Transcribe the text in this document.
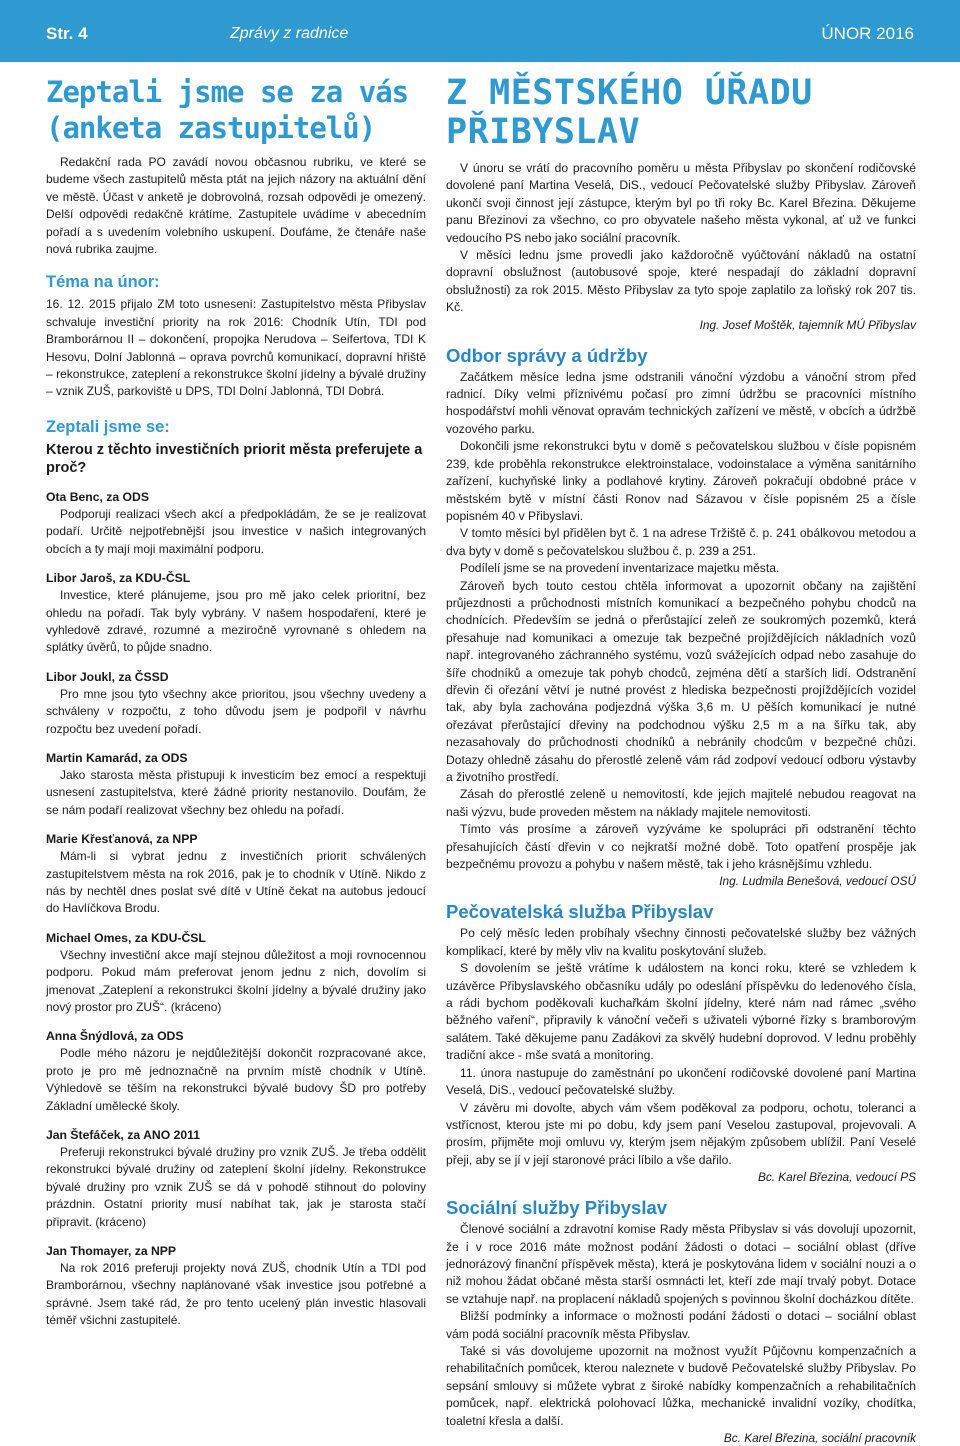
Str. 4	Zprávy z radnice	ÚNOR 2016
Zeptali jsme se za vás
(anketa zastupitelů)

Redakční rada PO zavádí novou občasnou rubriku, ve které se budeme všech zastupitelů města ptát na jejich názory na aktuální dění ve městě. Účast v anketě je dobrovolná, rozsah odpovědi je omezený. Delší odpovědi redakčně krátíme. Zastupitele uvádíme v abecedním pořadí a s uvedením volebního uskupení. Doufáme, že čtenáře naše nová rubrika zaujme.

Téma na únor:

16. 12. 2015 přijalo ZM toto usnesení: Zastupitelstvo města Přibyslav schvaluje investiční priority na rok 2016: Chodník Utín, TDI pod Bramborárnou II – dokončení, propojka Nerudova – Seifertova, TDI K Hesovu, Dolní Jablonná – oprava povrchů komunikací, dopravní hřiště – rekonstrukce, zateplení a rekonstrukce školní jídelny a bývalé družiny – vznik ZUŠ, parkoviště u DPS, TDI Dolní Jablonná, TDI Dobrá.

Zeptali jsme se:
Kterou z těchto investičních priorit města preferujete a proč?
Ota Benc, za ODS

Podporuji realizaci všech akcí a předpokládám, že se je realizovat podaří. Určitě nejpotřebnější jsou investice v našich integrovaných obcích a ty mají moji maximální podporu.

Libor Jaroš, za KDU-ČSL

Investice, které plánujeme, jsou pro mě jako celek prioritní, bez ohledu na pořadí. Tak byly vybrány. V našem hospodaření, které je vyhledově zdravé, rozumné a meziročně vyrovnané s ohledem na splátky úvěrů, to půjde snadno.

Libor Joukl, za ČSSD

Pro mne jsou tyto všechny akce prioritou, jsou všechny uvedeny a schváleny v rozpočtu, z toho důvodu jsem je podpořil v návrhu rozpočtu bez uvedení pořadí.

Martin Kamarád, za ODS

Jako starosta města přistupuji k investicím bez emocí a respektuji usnesení zastupitelstva, které žádné priority nestanovilo. Doufám, že se nám podaří realizovat všechny bez ohledu na pořadí.

Marie Křesťanová, za NPP

Mám-li si vybrat jednu z investičních priorit schválených zastupitelstvem města na rok 2016, pak je to chodník v Utíně. Nikdo z nás by nechtěl dnes poslat své dítě v Utíně čekat na autobus jedoucí do Havlíčkova Brodu.

Michael Omes, za KDU-ČSL

Všechny investiční akce mají stejnou důležitost a moji rovnocennou podporu. Pokud mám preferovat jenom jednu z nich, dovolím si jmenovat „Zateplení a rekonstrukci školní jídelny a bývalé družiny jako nový prostor pro ZUŠ“. (kráceno)

Anna Šnýdlová, za ODS

Podle mého názoru je nejdůležitější dokončit rozpracované akce, proto je pro mě jednoznačně na prvním místě chodník v Utíně. Výhledově se těším na rekonstrukci bývalé budovy ŠD pro potřeby Základní umělecké školy.

Jan Štefáček, za ANO 2011

Preferuji rekonstrukci bývalé družiny pro vznik ZUŠ. Je třeba oddělit rekonstrukci bývalé družiny od zateplení školní jídelny. Rekonstrukce bývalé družiny pro vznik ZUŠ se dá v pohodě stihnout do poloviny prázdnin. Ostatní priority musí nabíhat tak, jak je starosta stačí připravit. (kráceno)

Jan Thomayer, za NPP

Na rok 2016 preferuji projekty nová ZUŠ, chodník Utín a TDI pod Bramborárnou, všechny naplánované však investice jsou potřebné a správné. Jsem také rád, že pro tento ucelený plán investic hlasovali téměř všichni zastupitelé.

Z MĚSTSKÉHO ÚŘADU
PŘIBYSLAV

V únoru se vrátí do pracovního poměru u města Přibyslav po skončení rodičovské dovolené paní Martina Veselá, DiS., vedoucí Pečovatelské služby Přibyslav. Zároveň ukončí svoji činnost její zástupce, kterým byl po tři roky Bc. Karel Březina. Děkujeme panu Březinovi za všechno, co pro obyvatele našeho města vykonal, ať už ve funkci vedoucího PS nebo jako sociální pracovník.

V měsíci lednu jsme provedli jako každoročně vyúčtování nákladů na ostatní dopravní obslužnost (autobusové spoje, které nespadají do základní dopravní obslužnosti) za rok 2015. Město Přibyslav za tyto spoje zaplatilo za loňský rok 207 tis. Kč.

Ing. Josef Moštěk, tajemník MÚ Přibyslav
Odbor správy a údržby

Začátkem měsíce ledna jsme odstranili vánoční výzdobu a vánoční strom před radnicí. Díky velmi příznivému počasí pro zimní údržbu se pracovníci místního hospodářství mohli věnovat opravám technických zařízení ve městě, v obcích a údržbě vozového parku.

Dokončili jsme rekonstrukci bytu v domě s pečovatelskou službou v čísle popisném 239, kde proběhla rekonstrukce elektroinstalace, vodoinstalace a výměna sanitárního zařízení, kuchyňské linky a podlahové krytiny. Zároveň pokračují obdobné práce v městském bytě v místní části Ronov nad Sázavou v čísle popisném 25 a čísle popisném 40 v Přibyslavi.

V tomto měsíci byl přidělen byt č. 1 na adrese Tržiště č. p. 241 obálkovou metodou a dva byty v domě s pečovatelskou službou č. p. 239 a 251.

Podílelí jsme se na provedení inventarizace majetku města.

Zároveň bych touto cestou chtěla informovat a upozornit občany na zajištění průjezdnosti a průchodnosti místních komunikací a bezpečného pohybu chodců na chodnících. Především se jedná o přerůstající zeleň ze soukromých pozemků, která přesahuje nad komunikaci a omezuje tak bezpečné projíždějících nákladních vozů např. integrovaného záchranného systému, vozů svážejících odpad nebo zasahuje do šíře chodníků a omezuje tak pohyb chodců, zejména dětí a starších lidí. Odstranění dřevin či ořezání větví je nutné provést z hlediska bezpečnosti projíždějících vozidel tak, aby byla zachována podjezdná výška 3,6 m. U pěších komunikací je nutné ořezávat přerůstající dřeviny na podchodnou výšku 2,5 m a na šířku tak, aby nezasahovaly do průchodnosti chodníků a nebránily chodcům v bezpečné chůzi. Dotazy ohledně zásahu do přerostlé zeleně vám rád zodpoví vedoucí odboru výstavby a životního prostředí.

Zásah do přerostlé zeleně u nemovitostí, kde jejich majitelé nebudou reagovat na naši výzvu, bude proveden městem na náklady majitele nemovitosti.

Tímto vás prosíme a zároveň vyzýváme ke spolupráci při odstranění těchto přesahujících částí dřevin v co nejkratší možné době. Toto opatření prospěje jak bezpečnému provozu a pohybu v našem městě, tak i jeho krásnějšímu vzhledu.

Ing. Ludmila Benešová, vedoucí OSÚ
Pečovatelská služba Přibyslav

Po celý měsíc leden probíhaly všechny činnosti pečovatelské služby bez vážných komplikací, které by měly vliv na kvalitu poskytování služeb.

S dovolením se ještě vrátíme k událostem na konci roku, které se vzhledem k uzávěrce Přibyslavského občasníku udály po odeslání příspěvku do ledenového čísla, a rádi bychom poděkovali kuchařkám školní jídelny, které nám nad rámec „svého běžného vaření“, připravily k vánoční večeři s uživateli výborné řízky s bramborovým salátem. Také děkujeme panu Zadákovi za skvělý hudební doprovod. V lednu proběhly tradiční akce - mše svatá a monitoring.

11. února nastupuje do zaměstnání po ukončení rodičovské dovolené paní Martina Veselá, DiS., vedoucí pečovatelské služby.

V závěru mi dovolte, abych vám všem poděkoval za podporu, ochotu, toleranci a vstřícnost, kterou jste mi po dobu, kdy jsem paní Veselou zastupoval, projevovali. A prosím, přijměte moji omluvu vy, kterým jsem nějakým způsobem ublížil. Paní Veselé přeji, aby se jí v její staronové práci líbilo a vše dařilo.

Bc. Karel Březina, vedoucí PS
Sociální služby Přibyslav

Členové sociální a zdravotní komise Rady města Přibyslav si vás dovolují upozornit, že i v roce 2016 máte možnost podání žádosti o dotaci – sociální oblast (dříve jednorázový finanční příspěvek města), která je poskytována lidem v sociální nouzi a o niž mohou žádat občané města starší osmnácti let, kteří zde mají trvalý pobyt. Dotace se vztahuje např. na proplacení nákladů spojených s povinnou školní docházkou dítěte.

Bližší podmínky a informace o možnosti podání žádosti o dotaci – sociální oblast vám podá sociální pracovník města Přibyslav.

Také si vás dovolujeme upozornit na možnost využít Půjčovnu kompenzačních a rehabilitačních pomůcek, kterou naleznete v budově Pečovatelské služby Přibyslav. Po sepsání smlouvy si můžete vybrat z široké nabídky kompenzačních a rehabilitačních pomůcek, např. elektrická polohovací lůžka, mechanické invalidní vozíky, chodítka, toaletní křesla a další.

Bc. Karel Březina, sociální pracovník
